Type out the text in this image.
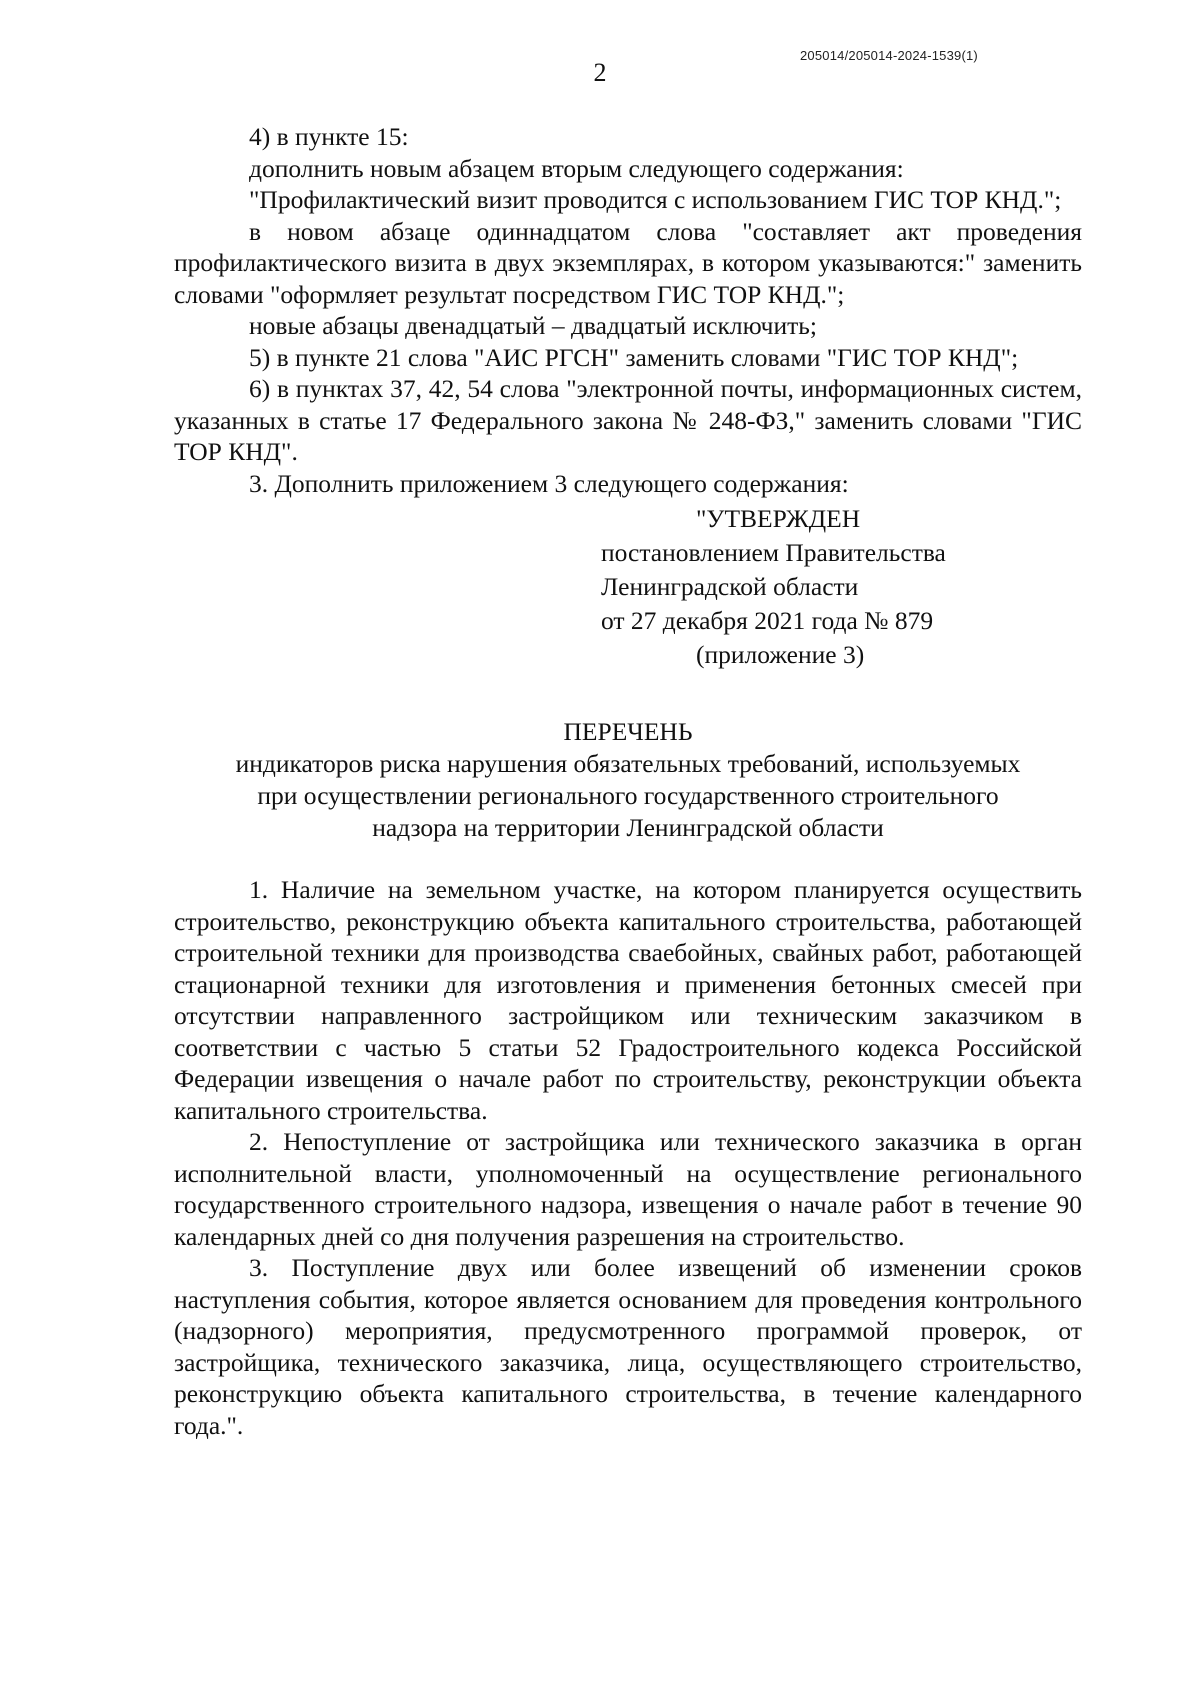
205014/205014-2024-1539(1)
2

4) в пункте 15:

дополнить новым абзацем вторым следующего содержания:

"Профилактический визит проводится с использованием ГИС ТОР КНД.";

в новом абзаце одиннадцатом слова "составляет акт проведения профилактического визита в двух экземплярах, в котором указываются:" заменить словами "оформляет результат посредством ГИС ТОР КНД.";

новые абзацы двенадцатый – двадцатый исключить;

5) в пункте 21 слова "АИС РГСН" заменить словами "ГИС ТОР КНД";

6) в пунктах 37, 42, 54 слова "электронной почты, информационных систем, указанных в статье 17 Федерального закона № 248-ФЗ," заменить словами "ГИС ТОР КНД".

3. Дополнить приложением 3 следующего содержания:

"УТВЕРЖДЕН
постановлением Правительства
Ленинградской области
от 27 декабря 2021 года № 879
(приложение 3)
ПЕРЕЧЕНЬ
индикаторов риска нарушения обязательных требований, используемых
при осуществлении регионального государственного строительного
надзора на территории Ленинградской области

1. Наличие на земельном участке, на котором планируется осуществить строительство, реконструкцию объекта капитального строительства, работающей строительной техники для производства свaебойных, свайных работ, работающей стационарной техники для изготовления и применения бетонных смесей при отсутствии направленного застройщиком или техническим заказчиком в соответствии с частью 5 статьи 52 Градостроительного кодекса Российской Федерации извещения о начале работ по строительству, реконструкции объекта капитального строительства.

2. Непоступление от застройщика или технического заказчика в орган исполнительной власти, уполномоченный на осуществление регионального государственного строительного надзора, извещения о начале работ в течение 90 календарных дней со дня получения разрешения на строительство.

3. Поступление двух или более извещений об изменении сроков наступления события, которое является основанием для проведения контрольного (надзорного) мероприятия, предусмотренного программой проверок, от застройщика, технического заказчика, лица, осуществляющего строительство, реконструкцию объекта капитального строительства, в течение календарного года.".
